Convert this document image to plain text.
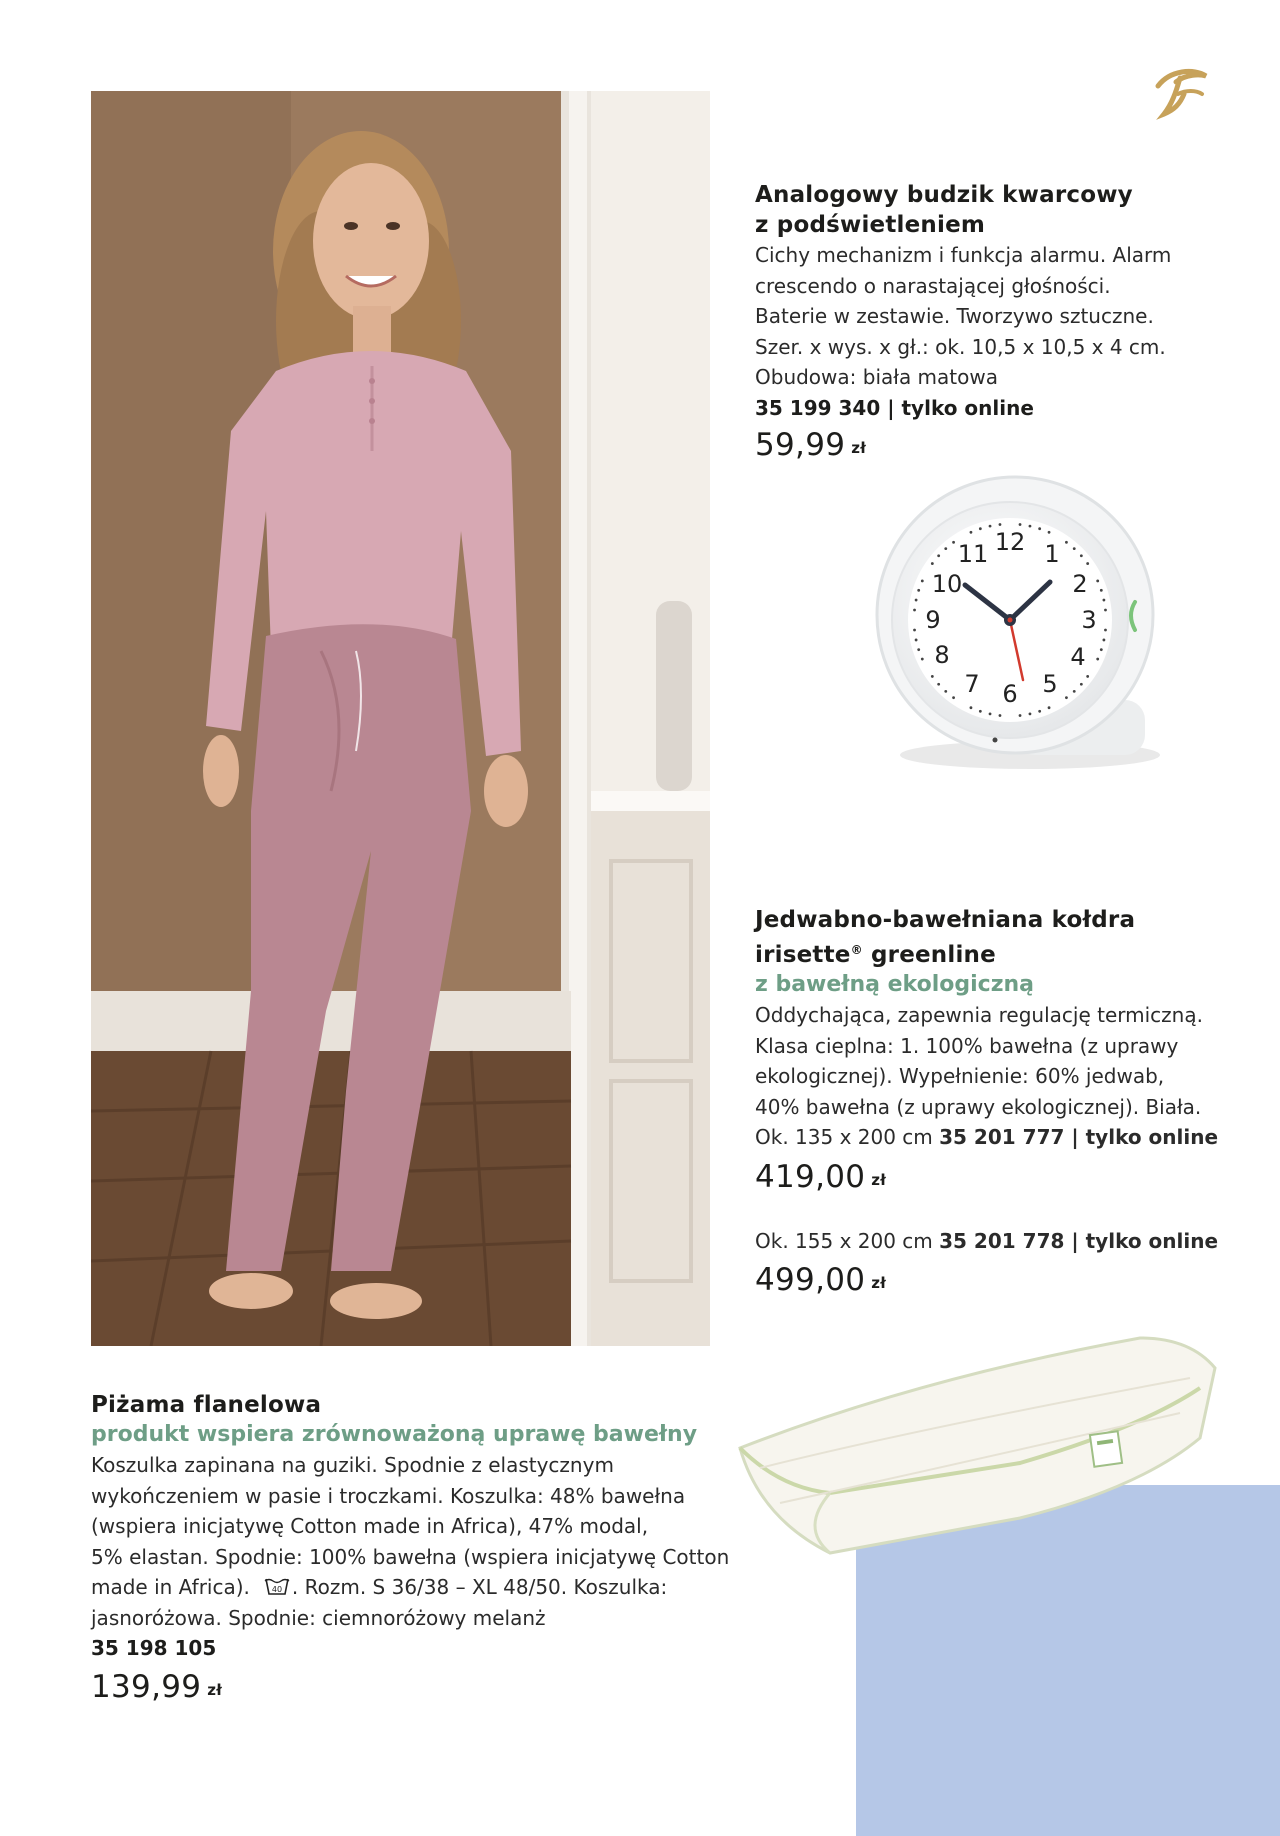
Analogowy budzik kwarcowy
z podświetleniem
Cichy mechanizm i funkcja alarmu. Alarm
crescendo o narastającej głośności.
Baterie w zestawie. Tworzywo sztuczne.
Szer. x wys. x gł.: ok. 10,5 x 10,5 x 4 cm.
Obudowa: biała matowa
35 199 340 | tylko online
59,99 zł
12 1
2
3
4
5
6
7
8
9
10
11
Jedwabno-bawełniana kołdra
irisette® greenline
z bawełną ekologiczną
Oddychająca, zapewnia regulację termiczną.
Klasa cieplna: 1. 100% bawełna (z uprawy
ekologicznej). Wypełnienie: 60% jedwab,
40% bawełna (z uprawy ekologicznej). Biała.
Ok. 135 x 200 cm 35 201 777 | tylko online
419,00 zł
Ok. 155 x 200 cm 35 201 778 | tylko online
499,00 zł
Piżama flanelowa
produkt wspiera zrównoważoną uprawę bawełny
Koszulka zapinana na guziki. Spodnie z elastycznym
wykończeniem w pasie i troczkami. Koszulka: 48% bawełna
(wspiera inicjatywę Cotton made in Africa), 47% modal,
5% elastan. Spodnie: 100% bawełna (wspiera inicjatywę Cotton
made in Africa).	40 . Rozm. S 36/38 – XL 48/50. Koszulka:
jasnoróżowa. Spodnie: ciemnoróżowy melanż
35 198 105
139,99 zł
